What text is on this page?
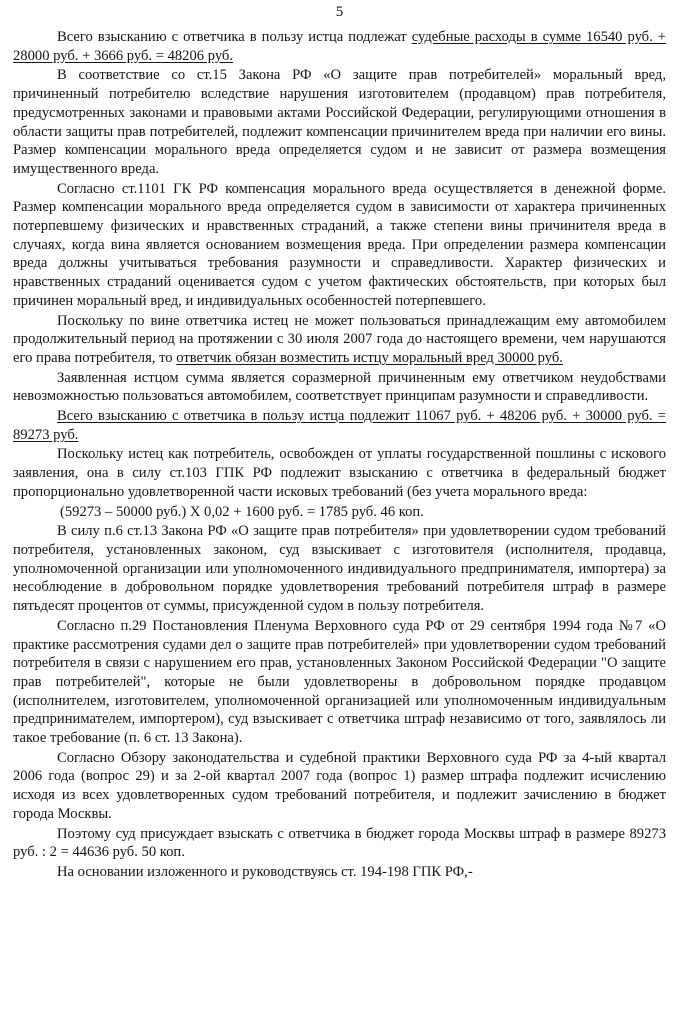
5

Всего взысканию с ответчика в пользу истца подлежат судебные расходы в сумме 16540 руб. + 28000 руб. + 3666 руб. = 48206 руб.

В соответствие со ст.15 Закона РФ «О защите прав потребителей» моральный вред, причиненный потребителю вследствие нарушения изготовителем (продавцом) прав потребителя, предусмотренных законами и правовыми актами Российской Федерации, регулирующими отношения в области защиты прав потребителей, подлежит компенсации причинителем вреда при наличии его вины. Размер компенсации морального вреда определяется судом и не зависит от размера возмещения имущественного вреда.

Согласно ст.1101 ГК РФ компенсация морального вреда осуществляется в денежной форме. Размер компенсации морального вреда определяется судом в зависимости от характера причиненных потерпевшему физических и нравственных страданий, а также степени вины причинителя вреда в случаях, когда вина является основанием возмещения вреда. При определении размера компенсации вреда должны учитываться требования разумности и справедливости. Характер физических и нравственных страданий оценивается судом с учетом фактических обстоятельств, при которых был причинен моральный вред, и индивидуальных особенностей потерпевшего.

Поскольку по вине ответчика истец не может пользоваться принадлежащим ему автомобилем продолжительный период на протяжении с 30 июля 2007 года до настоящего времени, чем нарушаются его права потребителя, то ответчик обязан возместить истцу моральный вред 30000 руб.

Заявленная истцом сумма является соразмерной причиненным ему ответчиком неудобствами невозможностью пользоваться автомобилем, соответствует принципам разумности и справедливости.

Всего взысканию с ответчика в пользу истца подлежит 11067 руб. + 48206 руб. + 30000 руб. = 89273 руб.

Поскольку истец как потребитель, освобожден от уплаты государственной пошлины с искового заявления, она в силу ст.103 ГПК РФ подлежит взысканию с ответчика в федеральный бюджет пропорционально удовлетворенной части исковых требований (без учета морального вреда:

(59273 – 50000 руб.) Х 0,02 + 1600 руб. = 1785 руб. 46 коп.

В силу п.6 ст.13 Закона РФ «О защите прав потребителя» при удовлетворении судом требований потребителя, установленных законом, суд взыскивает с изготовителя (исполнителя, продавца, уполномоченной организации или уполномоченного индивидуального предпринимателя, импортера) за несоблюдение в добровольном порядке удовлетворения требований потребителя штраф в размере пятьдесят процентов от суммы, присужденной судом в пользу потребителя.

Согласно п.29 Постановления Пленума Верховного суда РФ от 29 сентября 1994 года №7 «О практике рассмотрения судами дел о защите прав потребителей» при удовлетворении судом требований потребителя в связи с нарушением его прав, установленных Законом Российской Федерации "О защите прав потребителей", которые не были удовлетворены в добровольном порядке продавцом (исполнителем, изготовителем, уполномоченной организацией или уполномоченным индивидуальным предпринимателем, импортером), суд взыскивает с ответчика штраф независимо от того, заявлялось ли такое требование (п. 6 ст. 13 Закона).

Согласно Обзору законодательства и судебной практики Верховного суда РФ за 4-ый квартал 2006 года (вопрос 29) и за 2-ой квартал 2007 года (вопрос 1) размер штрафа подлежит исчислению исходя из всех удовлетворенных судом требований потребителя, и подлежит зачислению в бюджет города Москвы.

Поэтому суд присуждает взыскать с ответчика в бюджет города Москвы штраф в размере 89273 руб. : 2 = 44636 руб. 50 коп.

На основании изложенного и руководствуясь ст. 194-198 ГПК РФ,-
